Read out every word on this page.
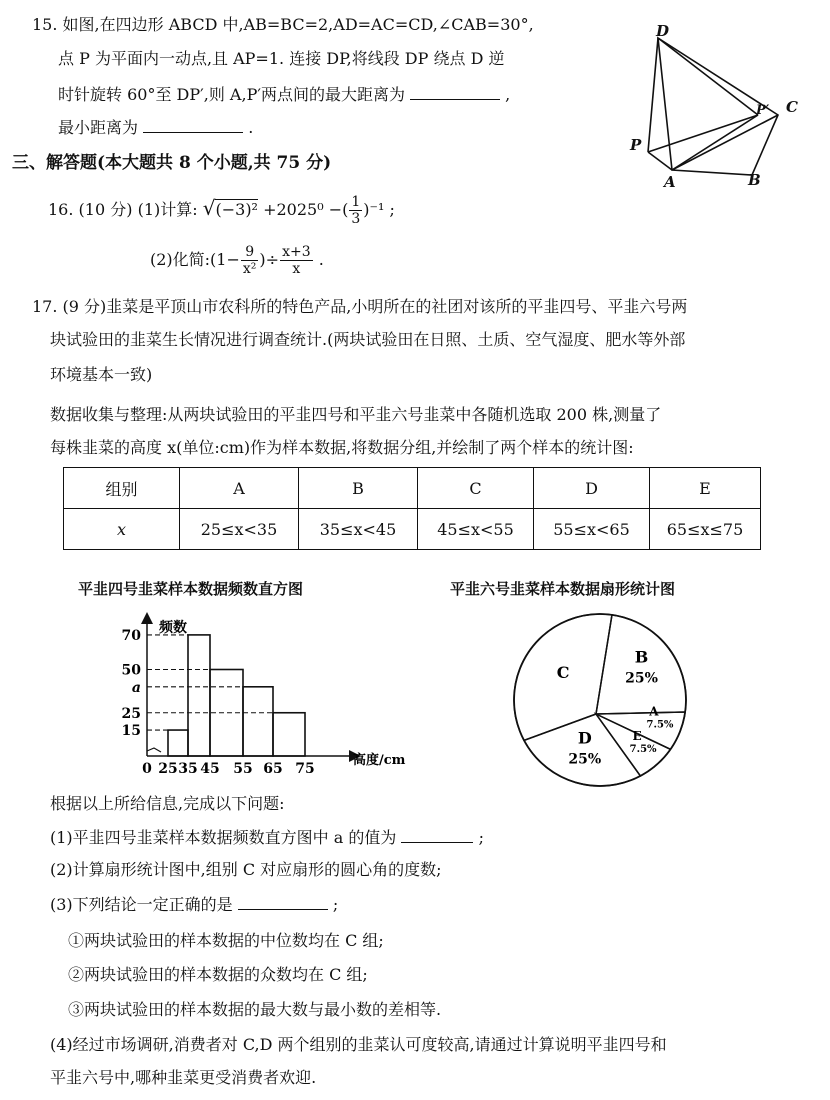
15. 如图,在四边形 ABCD 中,AB=BC=2,AD=AC=CD,∠CAB=30°,
点 P 为平面内一动点,且 AP=1. 连接 DP,将线段 DP 绕点 D 逆
时针旋转 60°至 DP′,则 A,P′两点间的最大距离为	,
最小距离为	.
D
P′ C
P
A	B
三、解答题(本大题共 8 个小题,共 75 分)
16. (10 分) (1)计算: √(−3)² +2025⁰ −( $\frac{1}{3} )^{-1}$ ;
(2)化简:(1− $\frac{9}{\text{x²}}$ )÷ $\frac{x+3}{x}$ .
17. (9 分)韭菜是平顶山市农科所的特色产品,小明所在的社团对该所的平韭四号、平韭六号两
块试验田的韭菜生长情况进行调查统计.(两块试验田在日照、土质、空气湿度、肥水等外部
环境基本一致)
数据收集与整理:从两块试验田的平韭四号和平韭六号韭菜中各随机选取 200 株,测量了
每株韭菜的高度 x(单位:cm)作为样本数据,将数据分组,并绘制了两个样本的统计图:
组别	A	B	C	D	E
x	25≤x<35	35≤x<45	45≤x<55	55≤x<65	65≤x≤75
平韭四号韭菜样本数据频数直方图	平韭六号韭菜样本数据扇形统计图
频数
高度/cm
15
25
a
50
70
0 25 35 45 55 65 75
B
25%
A
7.5%
E
7.5%
D
25%
C
根据以上所给信息,完成以下问题:
(1)平韭四号韭菜样本数据频数直方图中 a 的值为	;
(2)计算扇形统计图中,组别 C 对应扇形的圆心角的度数;
(3)下列结论一定正确的是	;
①两块试验田的样本数据的中位数均在 C 组;
②两块试验田的样本数据的众数均在 C 组;
③两块试验田的样本数据的最大数与最小数的差相等.
(4)经过市场调研,消费者对 C,D 两个组别的韭菜认可度较高,请通过计算说明平韭四号和
平韭六号中,哪种韭菜更受消费者欢迎.
